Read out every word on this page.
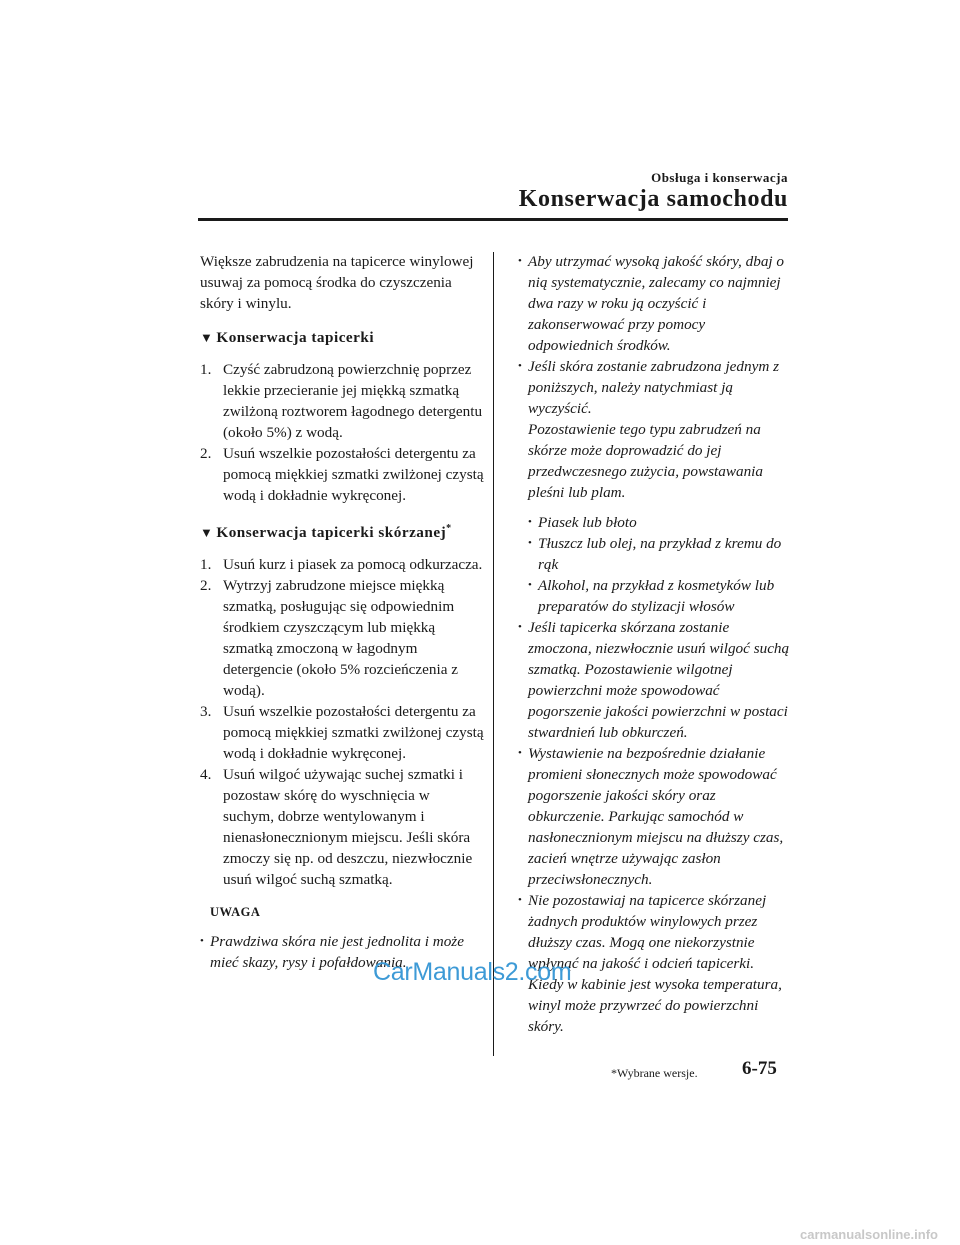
Obsługa i konserwacja
Konserwacja samochodu

Większe zabrudzenia na tapicerce winylowej usuwaj za pomocą środka do czyszczenia skóry i winylu.

▼ Konserwacja tapicerki
1. Czyść zabrudzoną powierzchnię poprzez lekkie przecieranie jej miękką szmatką zwilżoną roztworem łagodnego detergentu (około 5%) z wodą.
2. Usuń wszelkie pozostałości detergentu za pomocą miękkiej szmatki zwilżonej czystą wodą i dokładnie wykręconej.
▼ Konserwacja tapicerki skórzanej*
1. Usuń kurz i piasek za pomocą odkurzacza.
2. Wytrzyj zabrudzone miejsce miękką szmatką, posługując się odpowiednim środkiem czyszczącym lub miękką szmatką zmoczoną w łagodnym detergencie (około 5% rozcieńczenia z wodą).
3. Usuń wszelkie pozostałości detergentu za pomocą miękkiej szmatki zwilżonej czystą wodą i dokładnie wykręconej.
4. Usuń wilgoć używając suchej szmatki i pozostaw skórę do wyschnięcia w suchym, dobrze wentylowanym i nienasłonecznionym miejscu. Jeśli skóra zmoczy się np. od deszczu, niezwłocznie usuń wilgoć suchą szmatką.
UWAGA
• Prawdziwa skóra nie jest jednolita i może mieć skazy, rysy i pofałdowania.
• Aby utrzymać wysoką jakość skóry, dbaj o nią systematycznie, zalecamy co najmniej dwa razy w roku ją oczyścić i zakonserwować przy pomocy odpowiednich środków.
• Jeśli skóra zostanie zabrudzona jednym z poniższych, należy natychmiast ją wyczyścić.
Pozostawienie tego typu zabrudzeń na skórze może doprowadzić do jej przedwczesnego zużycia, powstawania pleśni lub plam.
• Piasek lub błoto
• Tłuszcz lub olej, na przykład z kremu do rąk
• Alkohol, na przykład z kosmetyków lub preparatów do stylizacji włosów
• Jeśli tapicerka skórzana zostanie zmoczona, niezwłocznie usuń wilgoć suchą szmatką. Pozostawienie wilgotnej powierzchni może spowodować pogorszenie jakości powierzchni w postaci stwardnień lub obkurczeń.
• Wystawienie na bezpośrednie działanie promieni słonecznych może spowodować pogorszenie jakości skóry oraz obkurczenie. Parkując samochód w nasłonecznionym miejscu na dłuższy czas, zacień wnętrze używając zasłon przeciwsłonecznych.
• Nie pozostawiaj na tapicerce skórzanej żadnych produktów winylowych przez dłuższy czas. Mogą one niekorzystnie wpłynąć na jakość i odcień tapicerki. Kiedy w kabinie jest wysoka temperatura, winyl może przywrzeć do powierzchni skóry.
CarManuals2.com
*Wybrane wersje. 6-75
carmanualsonline.info
